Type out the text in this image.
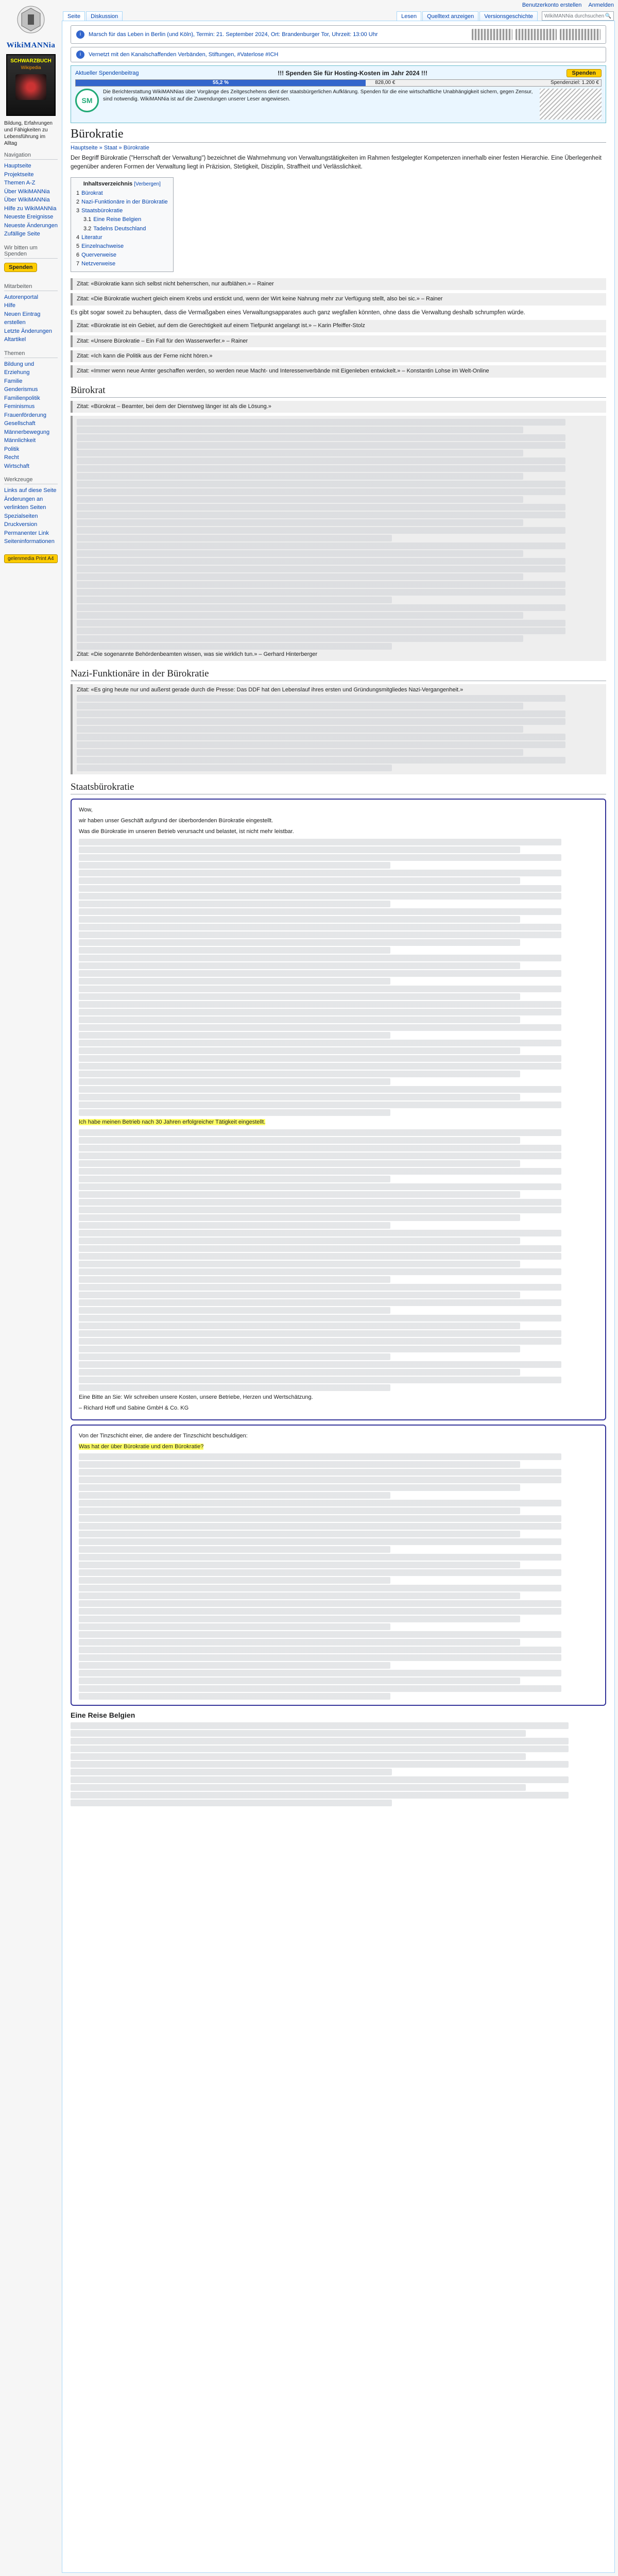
WikiMANNia
SCHWARZBUCH
Wikipedia
Bildung, Erfahrungen und Fähigkeiten zu Lebensführung im Alltag
Navigation
Hauptseite
Projektseite
Themen A-Z
Über WikiMANNia
Über WikiMANNia
Hilfe zu WikiMANNia
Neueste Ereignisse
Neueste Änderungen
Zufällige Seite
Wir bitten um Spenden
Spenden
Mitarbeiten
Autorenportal
Hilfe
Neuen Eintrag erstellen
Letzte Änderungen
Altartikel
Themen
Bildung und Erziehung
Familie
Genderismus
Familienpolitik
Feminismus
Frauenförderung
Gesellschaft
Männerbewegung
Männlichkeit
Politik
Recht
Wirtschaft
Werkzeuge
Links auf diese Seite
Änderungen an verlinkten Seiten
Spezialseiten
Druckversion
Permanenter Link
Seiteninformationen
gelenmedia Print A4
Benutzerkonto erstellen Anmelden
Seite	Diskussion	Lesen	Quelltext anzeigen	Versionsgeschichte	WikiMANNia durchsuchen 🔍
i	Marsch für das Leben in Berlin (und Köln), Termin: 21. September 2024, Ort: Brandenburger Tor, Uhrzeit: 13:00 Uhr
i	Vernetzt mit den Kanalschaffenden Verbänden, Stiftungen, #Vaterlose #ICH
Aktueller Spendenbeitrag	!!! Spenden Sie für Hosting-Kosten im Jahr 2024 !!!	Spenden
55,2 %	828,00 €	Spendenziel: 1.200 €
SM
Die Berichterstattung WikiMANNias über Vorgänge des Zeitgeschehens dient der staatsbürgerlichen Aufklärung. Spenden für die eine wirtschaftliche Unabhängigkeit sichern, gegen Zensur, sind notwendig. WikiMANNia ist auf die Zuwendungen unserer Leser angewiesen.
Bürokratie
Hauptseite » Staat » Bürokratie

Der Begriff Bürokratie ("Herrschaft der Verwaltung") bezeichnet die Wahrnehmung von Verwaltungstätigkeiten im Rahmen festgelegter Kompetenzen innerhalb einer festen Hierarchie. Eine Überlegenheit gegenüber anderen Formen der Verwaltung liegt in Präzision, Stetigkeit, Disziplin, Straffheit und Verlässlichkeit.

Inhaltsverzeichnis [Verbergen]
1 Bürokrat
2 Nazi-Funktionäre in der Bürokratie
3 Staatsbürokratie
3.1 Eine Reise Belgien
3.2 Tadelns Deutschland
4 Literatur
5 Einzelnachweise
6 Querverweise
7 Netzverweise
Zitat: «Bürokratie kann sich selbst nicht beherrschen, nur aufblähen.» – Rainer
Zitat: «Die Bürokratie wuchert gleich einem Krebs und erstickt und, wenn der Wirt keine Nahrung mehr zur Verfügung stellt, also bei sic.» – Rainer

Es gibt sogar soweit zu behaupten, dass die Vermaßgaben eines Verwaltungsapparates auch ganz wegfallen könnten, ohne dass die Verwaltung deshalb schrumpfen würde.

Zitat: «Bürokratie ist ein Gebiet, auf dem die Gerechtigkeit auf einem Tiefpunkt angelangt ist.» – Karin Pfeiffer-Stolz
Zitat: «Unsere Bürokratie – Ein Fall für den Wasserwerfer.» – Rainer
Zitat: «Ich kann die Politik aus der Ferne nicht hören.»
Zitat: «Immer wenn neue Amter geschaffen werden, so werden neue Macht- und Interessenverbände mit Eigenleben entwickelt.» – Konstantin Lohse im Welt-Online
Bürokrat
Zitat: «Bürokrat – Beamter, bei dem der Dienstweg länger ist als die Lösung.»
Zitat: «Die sogenannte Behördenbeamten wissen, was sie wirklich tun.» – Gerhard Hinterberger
Nazi-Funktionäre in der Bürokratie
Zitat: «Es ging heute nur und außerst gerade durch die Presse: Das DDF hat den Lebenslauf ihres ersten und Gründungsmitgliedes Nazi-Vergangenheit.»
Staatsbürokratie

Wow,

wir haben unser Geschäft aufgrund der überbordenden Bürokratie eingestellt.

Was die Bürokratie im unseren Betrieb verursacht und belastet, ist nicht mehr leistbar.

Ich habe meinen Betrieb nach 30 Jahren erfolgreicher Tätigkeit eingestellt.

Eine Bitte an Sie: Wir schreiben unsere Kosten, unsere Betriebe, Herzen und Wertschätzung.

– Richard Hoff und Sabine GmbH & Co. KG

Von der Tinzschicht einer, die andere der Tinzschicht beschuldigen:

Was hat der über Bürokratie und dem Bürokratie?

Eine Reise Belgien
